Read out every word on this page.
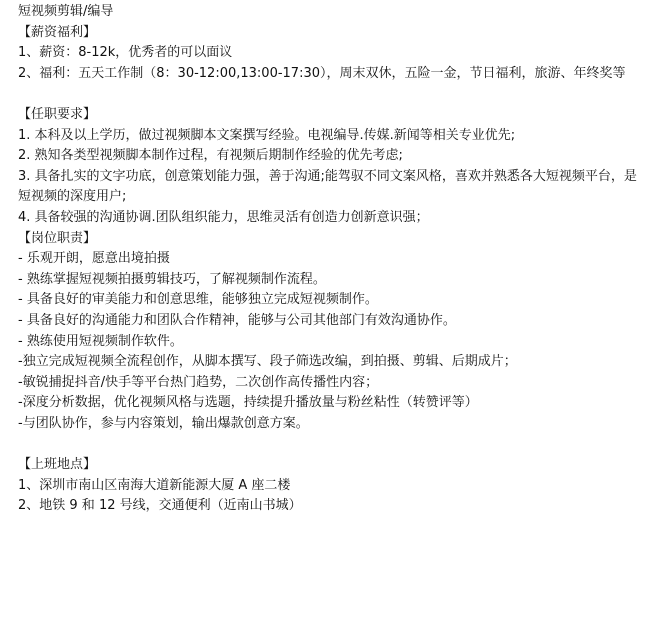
短视频剪辑/编导
【薪资福利】
1、薪资：8-12k，优秀者的可以面议
2、福利：五天工作制（8：30-12:00,13:00-17:30），周末双休，五险一金，节日福利，旅游、年终奖等
【任职要求】
1. 本科及以上学历，做过视频脚本文案撰写经验。电视编导.传媒.新闻等相关专业优先;
2. 熟知各类型视频脚本制作过程，有视频后期制作经验的优先考虑;
3. 具备扎实的文字功底，创意策划能力强，善于沟通;能驾驭不同文案风格，喜欢并熟悉各大短视频平台，是短视频的深度用户;
4. 具备较强的沟通协调.团队组织能力，思维灵活有创造力创新意识强；
【岗位职责】
- 乐观开朗，愿意出境拍摄
- 熟练掌握短视频拍摄剪辑技巧，了解视频制作流程。
- 具备良好的审美能力和创意思维，能够独立完成短视频制作。
- 具备良好的沟通能力和团队合作精神，能够与公司其他部门有效沟通协作。
- 熟练使用短视频制作软件。
-独立完成短视频全流程创作，从脚本撰写、段子筛选改编，到拍摄、剪辑、后期成片；
-敏锐捕捉抖音/快手等平台热门趋势，二次创作高传播性内容；
-深度分析数据，优化视频风格与选题，持续提升播放量与粉丝粘性（转赞评等）
-与团队协作，参与内容策划，输出爆款创意方案。
【上班地点】
1、深圳市南山区南海大道新能源大厦 A 座二楼
2、地铁 9 和 12 号线，交通便利（近南山书城）
